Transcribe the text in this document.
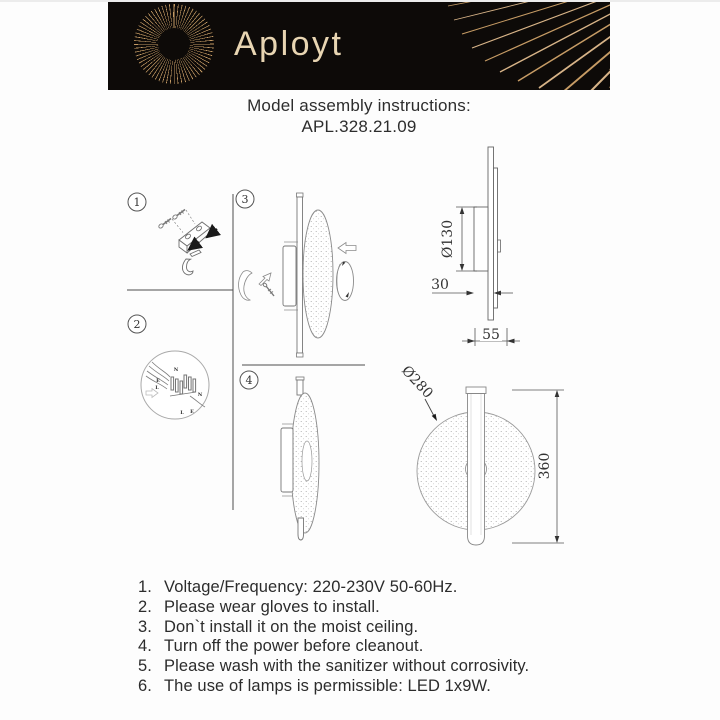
Aployt
Model assembly instructions:
APL.328.21.09
1
2
3
4
N
E
L
N
L E
Ø130
30
55
Ø280
360
1. Voltage/Frequency: 220-230V 50-60Hz.
2. Please wear gloves to install.
3. Don`t install it on the moist ceiling.
4. Turn off the power before cleanout.
5. Please wash with the sanitizer without corrosivity.
6. The use of lamps is permissible: LED 1x9W.
